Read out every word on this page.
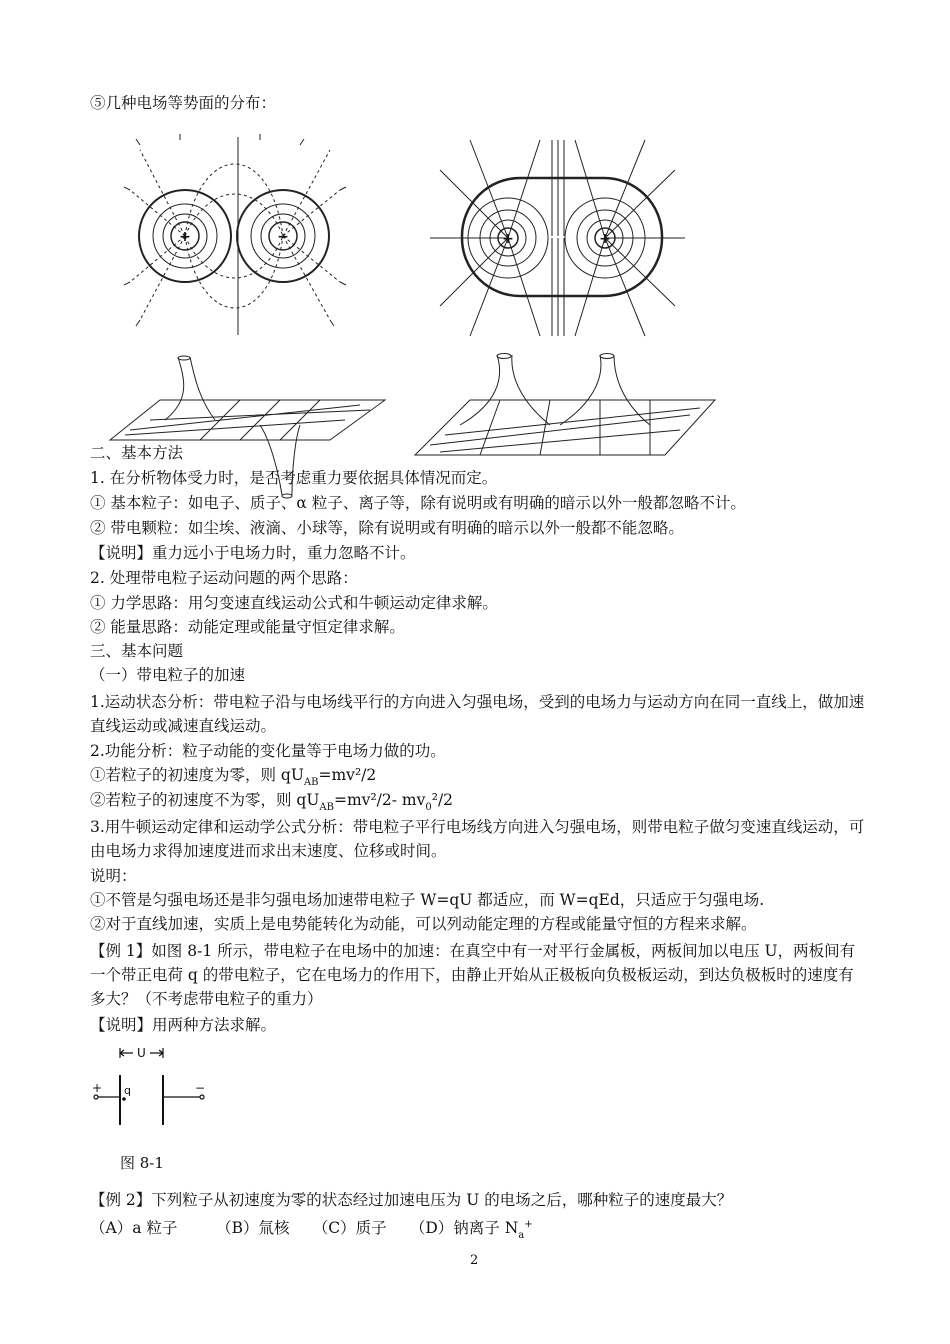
⑤几种电场等势面的分布：
+	−	+	+
二、基本方法
1. 在分析物体受力时，是否考虑重力要依据具体情况而定。
① 基本粒子：如电子、质子、α 粒子、离子等，除有说明或有明确的暗示以外一般都忽略不计。
② 带电颗粒：如尘埃、液滴、小球等，除有说明或有明确的暗示以外一般都不能忽略。
【说明】重力远小于电场力时，重力忽略不计。
2. 处理带电粒子运动问题的两个思路：
① 力学思路：用匀变速直线运动公式和牛顿运动定律求解。
② 能量思路：动能定理或能量守恒定律求解。
三、基本问题
（一）带电粒子的加速
1.运动状态分析：带电粒子沿与电场线平行的方向进入匀强电场，受到的电场力与运动方向在同一直线上，做加速直线运动或减速直线运动。
2.功能分析：粒子动能的变化量等于电场力做的功。
①若粒子的初速度为零，则 $qU_{AB}=mv^2/2$
②若粒子的初速度不为零，则 $qU_{AB}=mv^2/2-$ $mv_0^2/2$
3.用牛顿运动定律和运动学公式分析：带电粒子平行电场线方向进入匀强电场，则带电粒子做匀变速直线运动，可由电场力求得加速度进而求出末速度、位移或时间。
说明：
①不管是匀强电场还是非匀强电场加速带电粒子 W=qU 都适应，而 W=qEd，只适应于匀强电场.
②对于直线加速，实质上是电势能转化为动能，可以列动能定理的方程或能量守恒的方程来求解。
【例 1】如图 8-1 所示，带电粒子在电场中的加速：在真空中有一对平行金属板，两板间加以电压 U，两板间有一个带正电荷 q 的带电粒子，它在电场力的作用下，由静止开始从正极板向负极板运动，到达负极板时的速度有多大？（不考虑带电粒子的重力）
【说明】用两种方法求解。
U
+	−
q
图 8-1
【例 2】下列粒子从初速度为零的状态经过加速电压为 U 的电场之后，哪种粒子的速度最大？
（A）a 粒子　　　（B）氚核　　（C）质子　　（D）钠离子 $N_a^+$
2
